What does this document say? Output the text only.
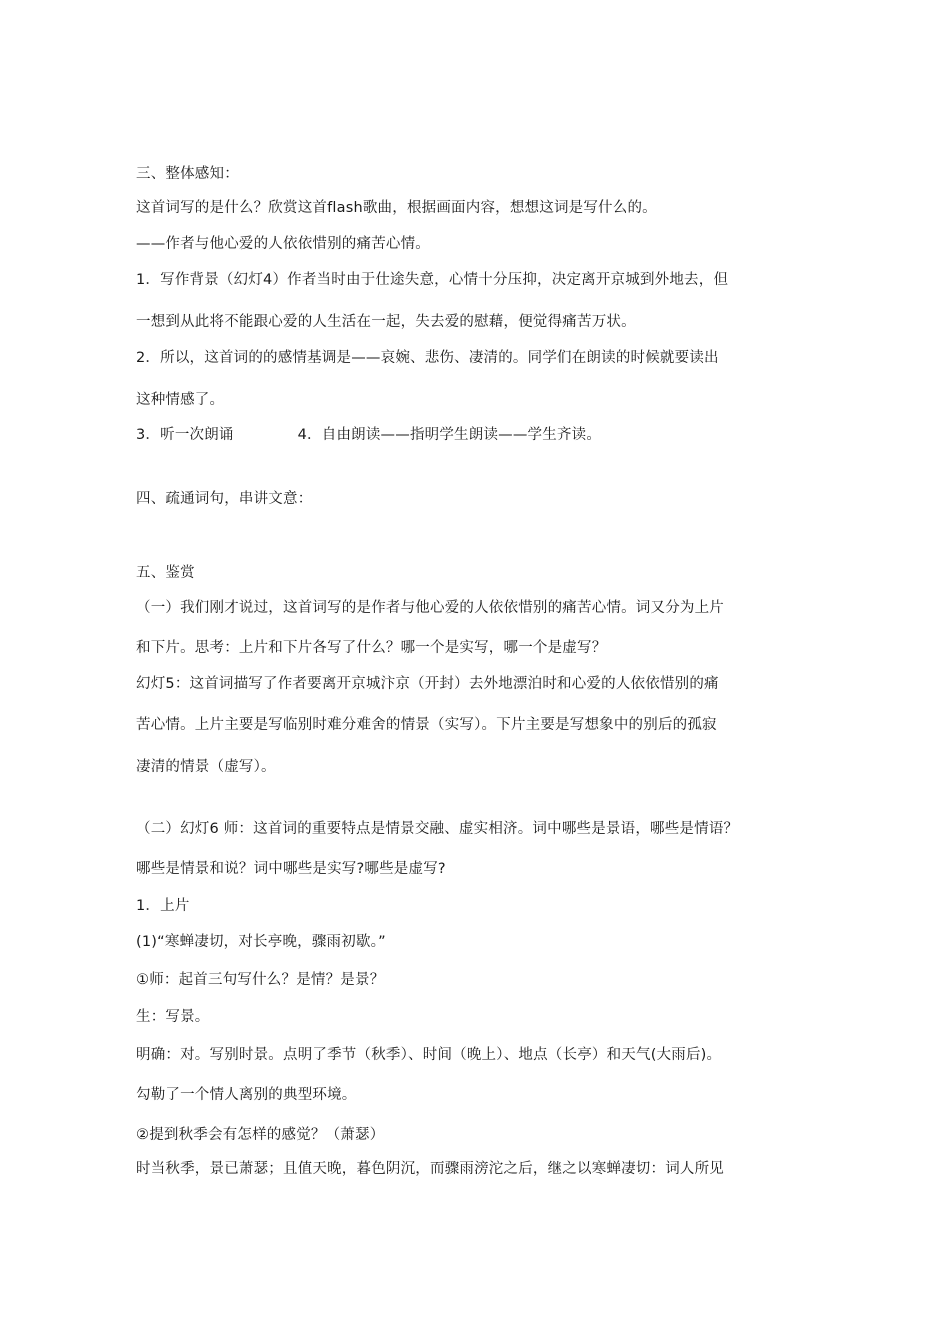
三、整体感知：
这首词写的是什么？欣赏这首flash歌曲，根据画面内容，想想这词是写什么的。
——作者与他心爱的人依依惜别的痛苦心情。
1．写作背景（幻灯4）作者当时由于仕途失意，心情十分压抑，决定离开京城到外地去，但
一想到从此将不能跟心爱的人生活在一起，失去爱的慰藉，便觉得痛苦万状。
2．所以，这首词的的感情基调是——哀婉、悲伤、凄清的。同学们在朗读的时候就要读出
这种情感了。
3．听一次朗诵	4．自由朗读——指明学生朗读——学生齐读。
四、疏通词句，串讲文意：
五、鉴赏
（一）我们刚才说过，这首词写的是作者与他心爱的人依依惜别的痛苦心情。词又分为上片
和下片。思考：上片和下片各写了什么？哪一个是实写，哪一个是虚写？
幻灯5：这首词描写了作者要离开京城汴京（开封）去外地漂泊时和心爱的人依依惜别的痛
苦心情。上片主要是写临别时难分难舍的情景（实写）。下片主要是写想象中的别后的孤寂
凄清的情景（虚写）。
（二）幻灯6 师：这首词的重要特点是情景交融、虚实相济。词中哪些是景语，哪些是情语？
哪些是情景和说？词中哪些是实写?哪些是虚写?
1．上片
(1)“寒蝉凄切，对长亭晚，骤雨初歇。”
①师：起首三句写什么？是情？是景？
生：写景。
明确：对。写别时景。点明了季节（秋季）、时间（晚上）、地点（长亭）和天气(大雨后)。
勾勒了一个情人离别的典型环境。
②提到秋季会有怎样的感觉？（萧瑟）
时当秋季，景已萧瑟；且值天晚，暮色阴沉，而骤雨滂沱之后，继之以寒蝉凄切：词人所见
